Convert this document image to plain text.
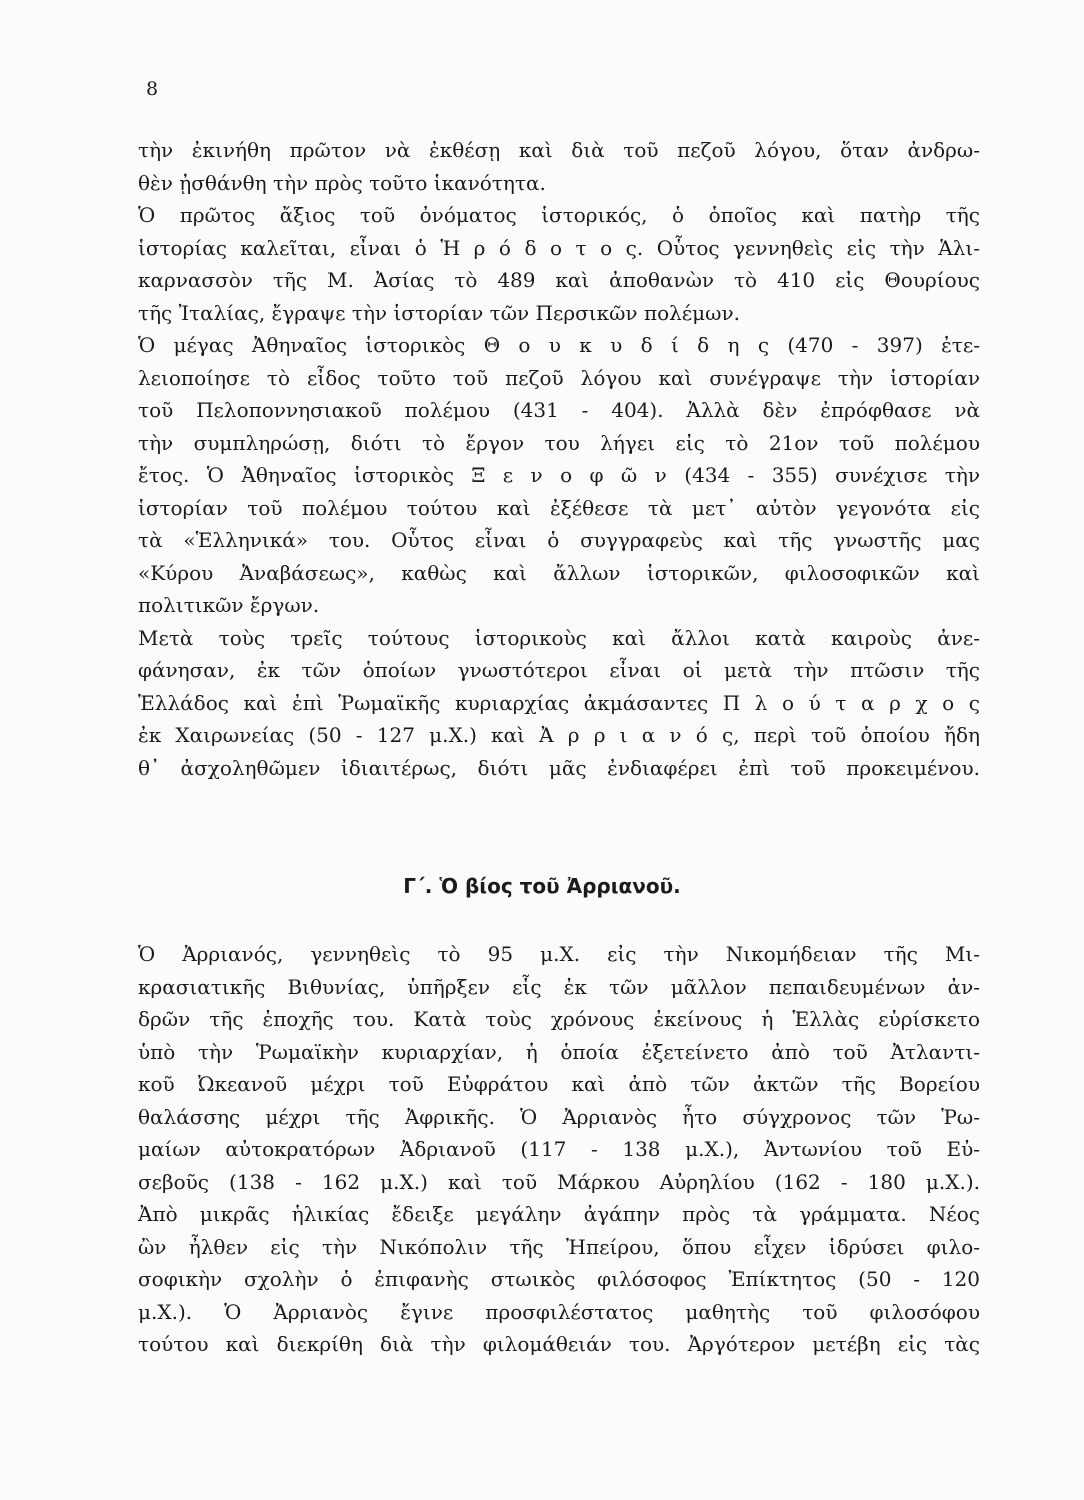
8
τὴν ἐκινήθη πρῶτον νὰ ἐκθέσῃ καὶ διὰ τοῦ πεζοῦ λόγου, ὅταν ἀνδρω-
θὲν ᾐσθάνθη τὴν πρὸς τοῦτο ἱκανότητα.
Ὁ πρῶτος ἄξιος τοῦ ὀνόματος ἱστορικός, ὁ ὁποῖος καὶ πατὴρ τῆς
ἱστορίας καλεῖται, εἶναι ὁ Ἡ ρ ό δ ο τ ο ς. Οὗτος γεννηθεὶς εἰς τὴν Ἁλι-
καρνασσὸν τῆς Μ. Ἀσίας τὸ 489 καὶ ἀποθανὼν τὸ 410 εἰς Θουρίους
τῆς Ἰταλίας, ἔγραψε τὴν ἱστορίαν τῶν Περσικῶν πολέμων.
Ὁ μέγας Ἀθηναῖος ἱστορικὸς Θ ο υ κ υ δ ί δ η ς (470 - 397) ἐτε-
λειοποίησε τὸ εἶδος τοῦτο τοῦ πεζοῦ λόγου καὶ συνέγραψε τὴν ἱστορίαν
τοῦ Πελοποννησιακοῦ πολέμου (431 - 404). Ἀλλὰ δὲν ἐπρόφθασε νὰ
τὴν συμπληρώσῃ, διότι τὸ ἔργον του λήγει εἰς τὸ 21ον τοῦ πολέμου
ἔτος. Ὁ Ἀθηναῖος ἱστορικὸς Ξ ε ν ο φ ῶ ν (434 - 355) συνέχισε τὴν
ἱστορίαν τοῦ πολέμου τούτου καὶ ἐξέθεσε τὰ μετ᾽ αὐτὸν γεγονότα εἰς
τὰ «Ἑλληνικά» του. Οὗτος εἶναι ὁ συγγραφεὺς καὶ τῆς γνωστῆς μας
«Κύρου Ἀναβάσεως», καθὼς καὶ ἄλλων ἱστορικῶν, φιλοσοφικῶν καὶ
πολιτικῶν ἔργων.
Μετὰ τοὺς τρεῖς τούτους ἱστορικοὺς καὶ ἄλλοι κατὰ καιροὺς ἀνε-
φάνησαν, ἐκ τῶν ὁποίων γνωστότεροι εἶναι οἱ μετὰ τὴν πτῶσιν τῆς
Ἑλλάδος καὶ ἐπὶ Ῥωμαϊκῆς κυριαρχίας ἀκμάσαντες Π λ ο ύ τ α ρ χ ο ς
ἐκ Χαιρωνείας (50 - 127 μ.Χ.) καὶ Ἀ ρ ρ ι α ν ό ς, περὶ τοῦ ὁποίου ἤδη
θ᾽ ἀσχοληθῶμεν ἰδιαιτέρως, διότι μᾶς ἐνδιαφέρει ἐπὶ τοῦ προκειμένου.
Γ΄. Ὁ βίος τοῦ Ἀρριανοῦ.
Ὁ Ἀρριανός, γεννηθεὶς τὸ 95 μ.Χ. εἰς τὴν Νικομήδειαν τῆς Μι-
κρασιατικῆς Βιθυνίας, ὑπῆρξεν εἷς ἐκ τῶν μᾶλλον πεπαιδευμένων ἀν-
δρῶν τῆς ἐποχῆς του. Κατὰ τοὺς χρόνους ἐκείνους ἡ Ἑλλὰς εὑρίσκετο
ὑπὸ τὴν Ῥωμαϊκὴν κυριαρχίαν, ἡ ὁποία ἐξετείνετο ἀπὸ τοῦ Ἀτλαντι-
κοῦ Ὠκεανοῦ μέχρι τοῦ Εὐφράτου καὶ ἀπὸ τῶν ἀκτῶν τῆς Βορείου
θαλάσσης μέχρι τῆς Ἀφρικῆς. Ὁ Ἀρριανὸς ἦτο σύγχρονος τῶν Ῥω-
μαίων αὐτοκρατόρων Ἀδριανοῦ (117 - 138 μ.Χ.), Ἀντωνίου τοῦ Εὐ-
σεβοῦς (138 - 162 μ.Χ.) καὶ τοῦ Μάρκου Αὐρηλίου (162 - 180 μ.Χ.).
Ἀπὸ μικρᾶς ἡλικίας ἔδειξε μεγάλην ἀγάπην πρὸς τὰ γράμματα. Νέος
ὢν ἦλθεν εἰς τὴν Νικόπολιν τῆς Ἠπείρου, ὅπου εἶχεν ἱδρύσει φιλο-
σοφικὴν σχολὴν ὁ ἐπιφανὴς στωικὸς φιλόσοφος Ἐπίκτητος (50 - 120
μ.Χ.). Ὁ Ἀρριανὸς ἔγινε προσφιλέστατος μαθητὴς τοῦ φιλοσόφου
τούτου καὶ διεκρίθη διὰ τὴν φιλομάθειάν του. Ἀργότερον μετέβη εἰς τὰς
